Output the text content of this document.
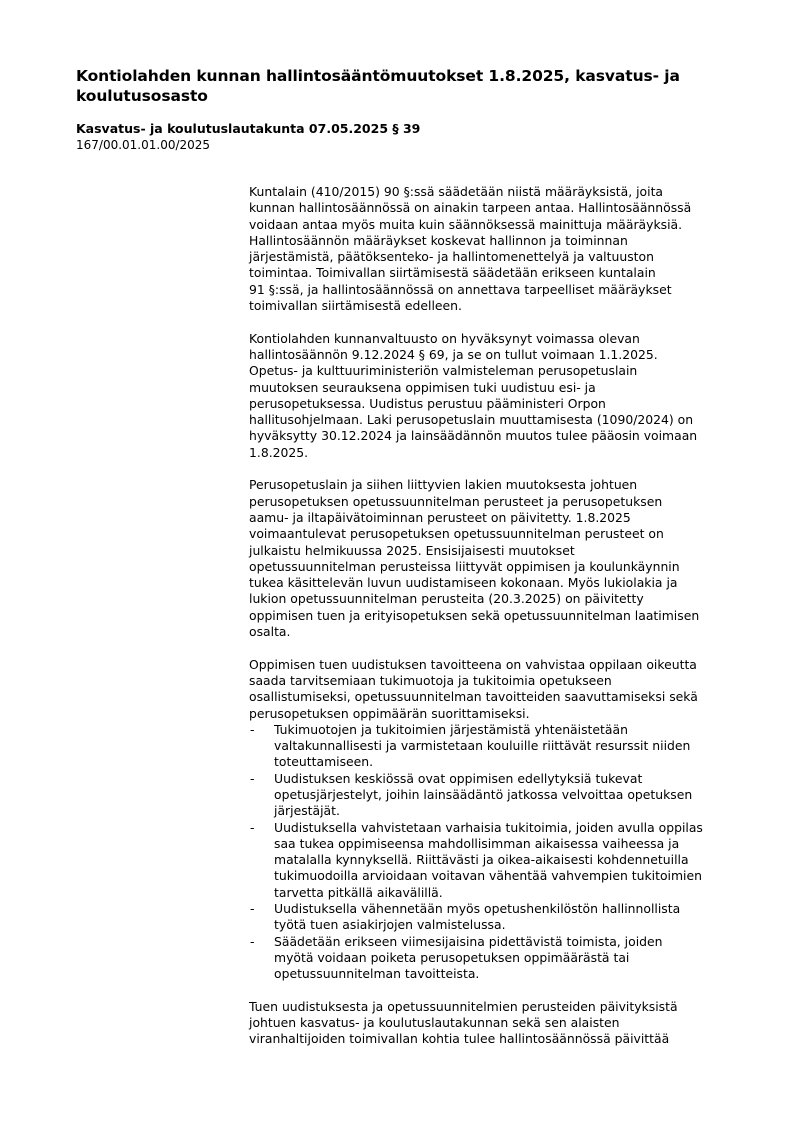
Kontiolahden kunnan hallintosääntömuutokset 1.8.2025, kasvatus- ja
koulutusosasto
Kasvatus- ja koulutuslautakunta 07.05.2025 § 39
167/00.01.01.00/2025

Kuntalain (410/2015) 90 §:ssä säädetään niistä määräyksistä, joita
kunnan hallintosäännössä on ainakin tarpeen antaa. Hallintosäännössä
voidaan antaa myös muita kuin säännöksessä mainittuja määräyksiä.
Hallintosäännön määräykset koskevat hallinnon ja toiminnan
järjestämistä, päätöksenteko- ja hallintomenettelyä ja valtuuston
toimintaa. Toimivallan siirtämisestä säädetään erikseen kuntalain
91 §:ssä, ja hallintosäännössä on annettava tarpeelliset määräykset
toimivallan siirtämisestä edelleen.

Kontiolahden kunnanvaltuusto on hyväksynyt voimassa olevan
hallintosäännön 9.12.2024 § 69, ja se on tullut voimaan 1.1.2025.
Opetus- ja kulttuuriministeriön valmisteleman perusopetuslain
muutoksen seurauksena oppimisen tuki uudistuu esi- ja
perusopetuksessa. Uudistus perustuu pääministeri Orpon
hallitusohjelmaan. Laki perusopetuslain muuttamisesta (1090/2024) on
hyväksytty 30.12.2024 ja lainsäädännön muutos tulee pääosin voimaan
1.8.2025.

Perusopetuslain ja siihen liittyvien lakien muutoksesta johtuen
perusopetuksen opetussuunnitelman perusteet ja perusopetuksen
aamu- ja iltapäivätoiminnan perusteet on päivitetty. 1.8.2025
voimaantulevat perusopetuksen opetussuunnitelman perusteet on
julkaistu helmikuussa 2025. Ensisijaisesti muutokset
opetussuunnitelman perusteissa liittyvät oppimisen ja koulunkäynnin
tukea käsittelevän luvun uudistamiseen kokonaan. Myös lukiolakia ja
lukion opetussuunnitelman perusteita (20.3.2025) on päivitetty
oppimisen tuen ja erityisopetuksen sekä opetussuunnitelman laatimisen
osalta.

Oppimisen tuen uudistuksen tavoitteena on vahvistaa oppilaan oikeutta
saada tarvitsemiaan tukimuotoja ja tukitoimia opetukseen
osallistumiseksi, opetussuunnitelman tavoitteiden saavuttamiseksi sekä
perusopetuksen oppimäärän suorittamiseksi.

- Tukimuotojen ja tukitoimien järjestämistä yhtenäistetään
valtakunnallisesti ja varmistetaan kouluille riittävät resurssit niiden
toteuttamiseen.
- Uudistuksen keskiössä ovat oppimisen edellytyksiä tukevat
opetusjärjestelyt, joihin lainsäädäntö jatkossa velvoittaa opetuksen
järjestäjät.
- Uudistuksella vahvistetaan varhaisia tukitoimia, joiden avulla oppilas
saa tukea oppimiseensa mahdollisimman aikaisessa vaiheessa ja
matalalla kynnyksellä. Riittävästi ja oikea-aikaisesti kohdennetuilla
tukimuodoilla arvioidaan voitavan vähentää vahvempien tukitoimien
tarvetta pitkällä aikavälillä.
- Uudistuksella vähennetään myös opetushenkilöstön hallinnollista
työtä tuen asiakirjojen valmistelussa.
- Säädetään erikseen viimesijaisina pidettävistä toimista, joiden
myötä voidaan poiketa perusopetuksen oppimäärästä tai
opetussuunnitelman tavoitteista.

Tuen uudistuksesta ja opetussuunnitelmien perusteiden päivityksistä
johtuen kasvatus- ja koulutuslautakunnan sekä sen alaisten
viranhaltijoiden toimivallan kohtia tulee hallintosäännössä päivittää
